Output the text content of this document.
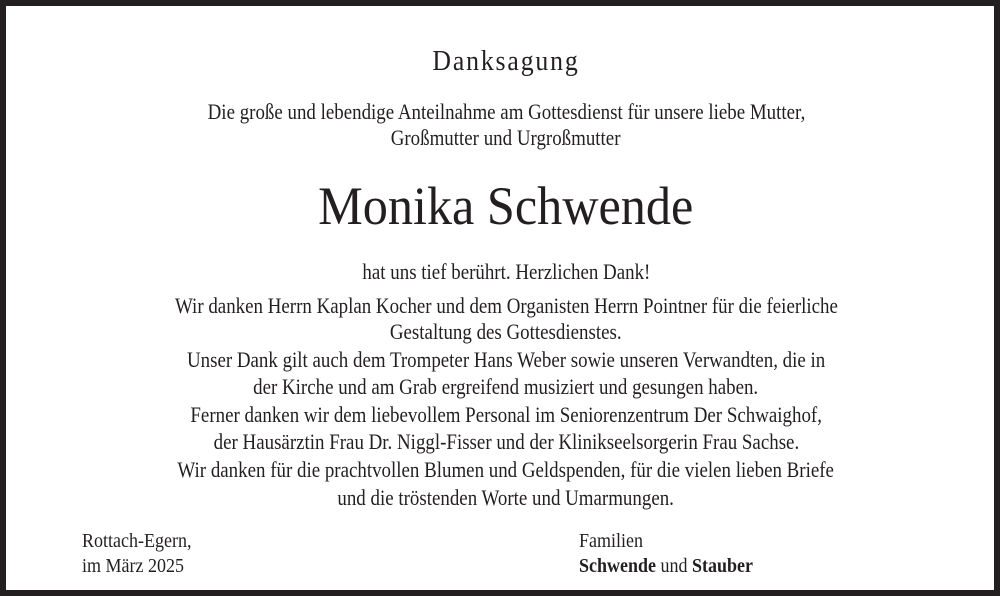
Danksagung
Die große und lebendige Anteilnahme am Gottesdienst für unsere liebe Mutter,
Großmutter und Urgroßmutter
Monika Schwende
hat uns tief berührt. Herzlichen Dank!
Wir danken Herrn Kaplan Kocher und dem Organisten Herrn Pointner für die feierliche
Gestaltung des Gottesdienstes.
Unser Dank gilt auch dem Trompeter Hans Weber sowie unseren Verwandten, die in
der Kirche und am Grab ergreifend musiziert und gesungen haben.
Ferner danken wir dem liebevollem Personal im Seniorenzentrum Der Schwaighof,
der Hausärztin Frau Dr. Niggl-Fisser und der Klinikseelsorgerin Frau Sachse.
Wir danken für die prachtvollen Blumen und Geldspenden, für die vielen lieben Briefe
und die tröstenden Worte und Umarmungen.
Rottach-Egern,
im März 2025
Familien
Schwende und Stauber
